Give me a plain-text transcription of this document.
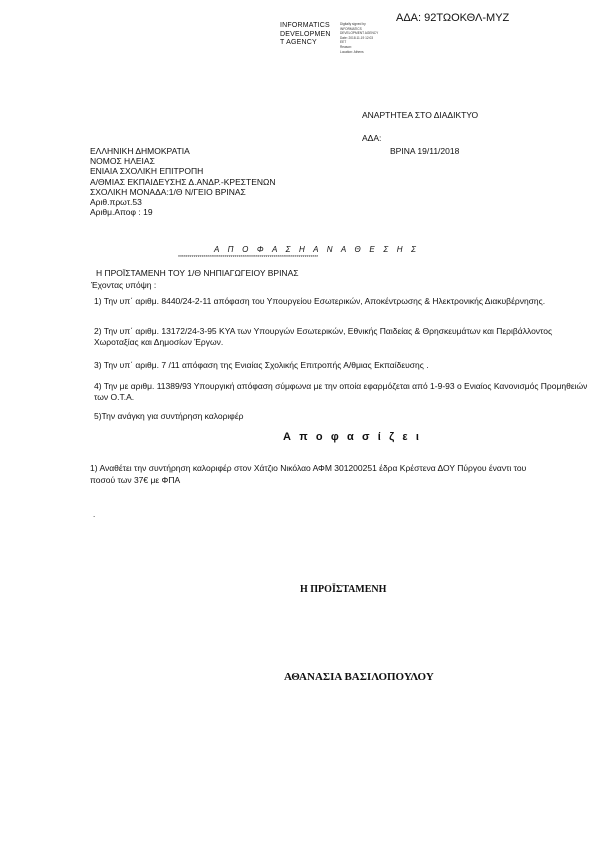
ΑΔΑ: 92ΤΩΟΚΘΛ-ΜΥΖ
INFORMATICS
DEVELOPMEN
T AGENCY
Digitally signed by
INFORMATICS
DEVELOPMENT AGENCY
Date: 2018.11.19 12:03
EET
Reason:
Location: Athens
ΑΝΑΡΤΗΤΕΑ ΣΤΟ ΔΙΑΔΙΚΤΥΟ
ΑΔΑ:
ΒΡΙΝΑ 19/11/2018
ΕΛΛΗΝΙΚΗ ΔΗΜΟΚΡΑΤΙΑ
ΝΟΜΟΣ ΗΛΕΙΑΣ
ΕΝΙΑΙΑ ΣΧΟΛΙΚΗ ΕΠΙΤΡΟΠΗ
Α/ΘΜΙΑΣ ΕΚΠΑΙΔΕΥΣΗΣ Δ.ΑΝΔΡ.-ΚΡΕΣΤΕΝΩΝ
ΣΧΟΛΙΚΗ ΜΟΝΑΔΑ:1/Θ Ν/ΓΕΙΟ ΒΡΙΝΑΣ
Αριθ.πρωτ.53
Αριθμ.Αποφ : 19
Α Π Ο Φ Α Σ Η Α Ν Α Θ Ε Σ Η Σ
************************************************************************
Η ΠΡΟΪΣΤΑΜΕΝΗ ΤΟΥ 1/Θ ΝΗΠΙΑΓΩΓΕΙΟΥ ΒΡΙΝΑΣ
Έχοντας υπόψη :
1) Την υπ΄ αριθμ. 8440/24-2-11 απόφαση του Υπουργείου Εσωτερικών, Αποκέντρωσης & Ηλεκτρονικής Διακυβέρνησης.
2) Την υπ΄ αριθμ. 13172/24-3-95 ΚΥΑ των Υπουργών Εσωτερικών, Εθνικής Παιδείας & Θρησκευμάτων και Περιβάλλοντος Χωροταξίας και Δημοσίων Έργων.
3) Την υπ΄ αριθμ. 7 /11 απόφαση της Ενιαίας Σχολικής Επιτροπής Α/θμιας Εκπαίδευσης .
4) Την με αριθμ. 11389/93 Υπουργική απόφαση σύμφωνα με την οποία εφαρμόζεται από 1-9-93 ο Ενιαίος Κανονισμός Προμηθειών των Ο.Τ.Α.
5)Την ανάγκη για συντήρηση καλοριφέρ
Α π ο φ α σ ί ζ ε ι
1) Αναθέτει την συντήρηση καλοριφέρ στον Χάτζιο Νικόλαο ΑΦΜ 301200251 έδρα Κρέστενα ΔΟΥ Πύργου έναντι του ποσού των 37€ με ΦΠΑ
.
Η ΠΡΟΪΣΤΑΜΕΝΗ
ΑΘΑΝΑΣΙΑ ΒΑΣΙΛΟΠΟΥΛΟΥ
